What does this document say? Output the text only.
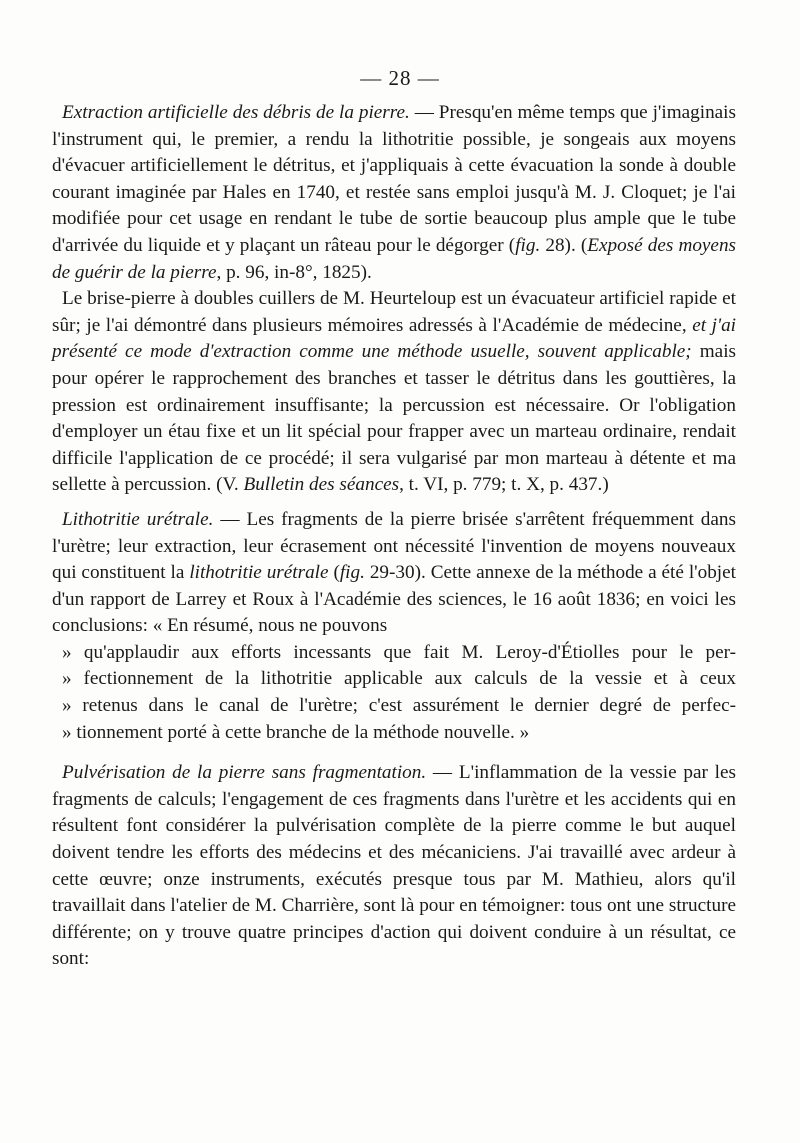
— 28 —

Extraction artificielle des débris de la pierre. — Presqu'en même temps que j'imaginais l'instrument qui, le premier, a rendu la lithotritie possible, je songeais aux moyens d'évacuer artificiellement le détritus, et j'appliquais à cette évacuation la sonde à double courant imaginée par Hales en 1740, et restée sans emploi jusqu'à M. J. Cloquet; je l'ai modifiée pour cet usage en rendant le tube de sortie beaucoup plus ample que le tube d'arrivée du liquide et y plaçant un râteau pour le dégorger (fig. 28). (Exposé des moyens de guérir de la pierre, p. 96, in-8°, 1825).

Le brise-pierre à doubles cuillers de M. Heurteloup est un évacuateur artificiel rapide et sûr; je l'ai démontré dans plusieurs mémoires adressés à l'Académie de médecine, et j'ai présenté ce mode d'extraction comme une méthode usuelle, souvent applicable; mais pour opérer le rapprochement des branches et tasser le détritus dans les gouttières, la pression est ordinairement insuffisante; la percussion est nécessaire. Or l'obligation d'employer un étau fixe et un lit spécial pour frapper avec un marteau ordinaire, rendait difficile l'application de ce procédé; il sera vulgarisé par mon marteau à détente et ma sellette à percussion. (V. Bulletin des séances, t. VI, p. 779; t. X, p. 437.)

Lithotritie urétrale. — Les fragments de la pierre brisée s'arrêtent fréquemment dans l'urètre; leur extraction, leur écrasement ont nécessité l'invention de moyens nouveaux qui constituent la lithotritie urétrale (fig. 29-30). Cette annexe de la méthode a été l'objet d'un rapport de Larrey et Roux à l'Académie des sciences, le 16 août 1836; en voici les conclusions: « En résumé, nous ne pouvons
» qu'applaudir aux efforts incessants que fait M. Leroy-d'Étiolles pour le per-
» fectionnement de la lithotritie applicable aux calculs de la vessie et à ceux
» retenus dans le canal de l'urètre; c'est assurément le dernier degré de perfec-
» tionnement porté à cette branche de la méthode nouvelle. »

Pulvérisation de la pierre sans fragmentation. — L'inflammation de la vessie par les fragments de calculs; l'engagement de ces fragments dans l'urètre et les accidents qui en résultent font considérer la pulvérisation complète de la pierre comme le but auquel doivent tendre les efforts des médecins et des mécaniciens. J'ai travaillé avec ardeur à cette œuvre; onze instruments, exécutés presque tous par M. Mathieu, alors qu'il travaillait dans l'atelier de M. Charrière, sont là pour en témoigner: tous ont une structure différente; on y trouve quatre principes d'action qui doivent conduire à un résultat, ce sont:
